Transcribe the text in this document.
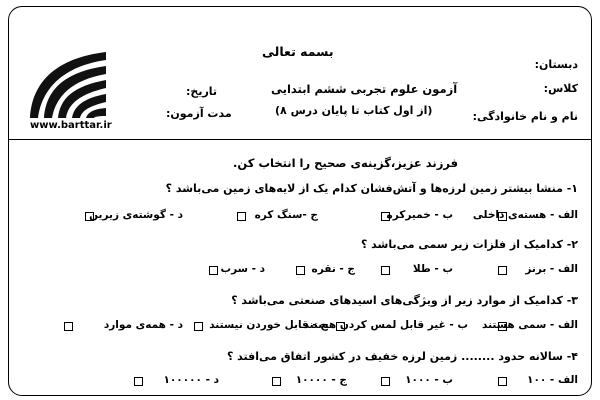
بسمه تعالی
دبستان:
کلاس:
نام و نام خانوادگی:
آزمون علوم تجربی ششم ابتدایی
(از اول کتاب تا پایان درس ۸)
تاریخ:
مدت آزمون:
www.barttar.ir
فرزند عزیز،گزینه‌ی صحیح را انتخاب کن.
۱- منشا بیشتر زمین لرزه‌ها و آتش‌فشان کدام یک از لایه‌های زمین می‌باشد ؟
الف - هسته‌ی داخلی
ب - خمیرکره
ج -سنگ کره
د - گوشته‌ی زیرین
۲- کدامیک از فلزات زیر سمی می‌باشد ؟
الف - برنز
ب - طلا
ج - نقره
د - سرب
۳- کدامیک از موارد زیر از ویژگی‌های اسیدهای صنعتی می‌باشد ؟
الف - سمی هستند
ب - غیر قابل لمس کردن هستند
ج - قابل خوردن نیستند
د - همه‌ی موارد
۴- سالانه حدود ........ زمین لرزه خفیف در کشور اتفاق می‌افتد ؟
الف - ۱۰۰
ب - ۱۰۰۰
ج - ۱۰۰۰۰
د - ۱۰۰۰۰۰
